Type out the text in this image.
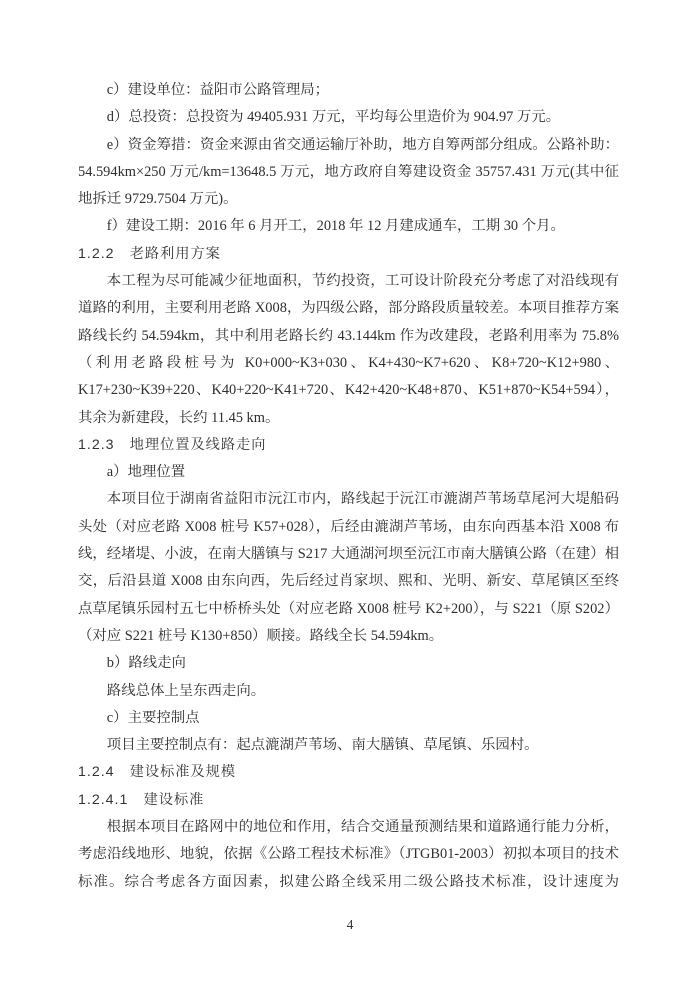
c）建设单位：益阳市公路管理局；

d）总投资：总投资为 49405.931 万元，平均每公里造价为 904.97 万元。

e）资金筹措：资金来源由省交通运输厅补助，地方自筹两部分组成。公路补助：54.594km×250 万元/km=13648.5 万元，地方政府自筹建设资金 35757.431 万元(其中征地拆迁 9729.7504 万元)。

f）建设工期：2016 年 6 月开工，2018 年 12 月建成通车，工期 30 个月。

1.2.2　老路利用方案

本工程为尽可能减少征地面积，节约投资，工可设计阶段充分考虑了对沿线现有道路的利用，主要利用老路 X008，为四级公路，部分路段质量较差。本项目推荐方案路线长约 54.594km，其中利用老路长约 43.144km 作为改建段，老路利用率为 75.8%（利用老路段桩号为 K0+000~K3+030、K4+430~K7+620、K8+720~K12+980、K17+230~K39+220、K40+220~K41+720、K42+420~K48+870、K51+870~K54+594），其余为新建段，长约 11.45 km。

1.2.3　地理位置及线路走向

a）地理位置

本项目位于湖南省益阳市沅江市内，路线起于沅江市漉湖芦苇场草尾河大堤船码头处（对应老路 X008 桩号 K57+028），后经由漉湖芦苇场，由东向西基本沿 X008 布线，经堵堤、小波，在南大膳镇与 S217 大通湖河坝至沅江市南大膳镇公路（在建）相交，后沿县道 X008 由东向西，先后经过肖家坝、熙和、光明、新安、草尾镇区至终点草尾镇乐园村五七中桥桥头处（对应老路 X008 桩号 K2+200），与 S221（原 S202）（对应 S221 桩号 K130+850）顺接。路线全长 54.594km。

b）路线走向

路线总体上呈东西走向。

c）主要控制点

项目主要控制点有：起点漉湖芦苇场、南大膳镇、草尾镇、乐园村。

1.2.4　建设标准及规模

1.2.4.1　建设标准

根据本项目在路网中的地位和作用，结合交通量预测结果和道路通行能力分析，考虑沿线地形、地貌，依据《公路工程技术标准》（JTGB01-2003）初拟本项目的技术标准。综合考虑各方面因素，拟建公路全线采用二级公路技术标准，设计速度为

4
